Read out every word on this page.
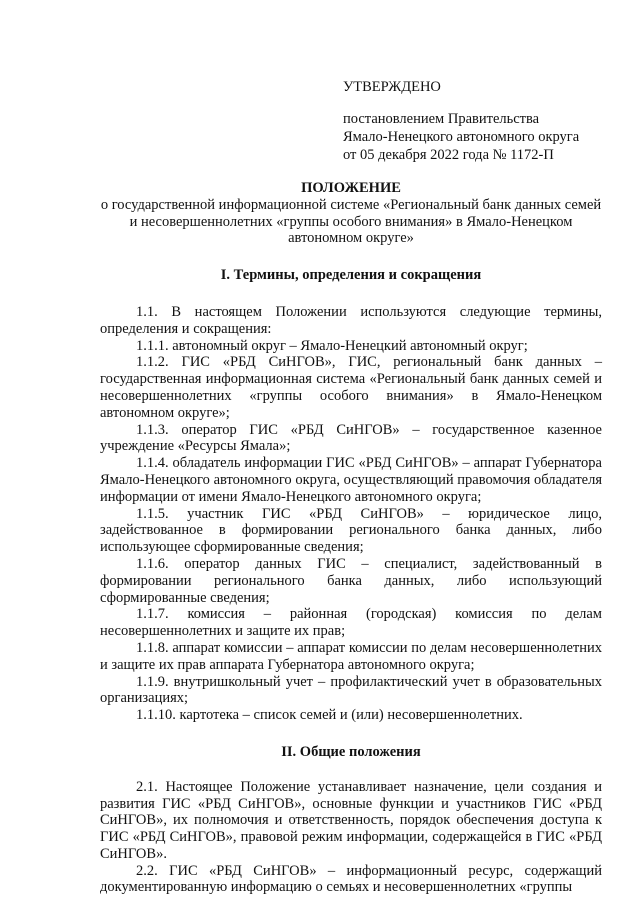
УТВЕРЖДЕНО
постановлением Правительства
Ямало-Ненецкого автономного округа
от 05 декабря 2022 года № 1172-П

ПОЛОЖЕНИЕ

о государственной информационной системе «Региональный банк данных семей и несовершеннолетних «группы особого внимания» в Ямало-Ненецком автономном округе»

I. Термины, определения и сокращения

1.1. В настоящем Положении используются следующие термины, определения и сокращения:

1.1.1. автономный округ – Ямало-Ненецкий автономный округ;

1.1.2. ГИС «РБД СиНГОВ», ГИС, региональный банк данных – государственная информационная система «Региональный банк данных семей и несовершеннолетних «группы особого внимания» в Ямало-Ненецком автономном округе»;

1.1.3. оператор ГИС «РБД СиНГОВ» – государственное казенное учреждение «Ресурсы Ямала»;

1.1.4. обладатель информации ГИС «РБД СиНГОВ» – аппарат Губернатора Ямало-Ненецкого автономного округа, осуществляющий правомочия обладателя информации от имени Ямало-Ненецкого автономного округа;

1.1.5. участник ГИС «РБД СиНГОВ» – юридическое лицо, задействованное в формировании регионального банка данных, либо использующее сформированные сведения;

1.1.6. оператор данных ГИС – специалист, задействованный в формировании регионального банка данных, либо использующий сформированные сведения;

1.1.7. комиссия – районная (городская) комиссия по делам несовершеннолетних и защите их прав;

1.1.8. аппарат комиссии – аппарат комиссии по делам несовершеннолетних и защите их прав аппарата Губернатора автономного округа;

1.1.9. внутришкольный учет – профилактический учет в образовательных организациях;

1.1.10. картотека – список семей и (или) несовершеннолетних.

II. Общие положения

2.1. Настоящее Положение устанавливает назначение, цели создания и развития ГИС «РБД СиНГОВ», основные функции и участников ГИС «РБД СиНГОВ», их полномочия и ответственность, порядок обеспечения доступа к ГИС «РБД СиНГОВ», правовой режим информации, содержащейся в ГИС «РБД СиНГОВ».

2.2. ГИС «РБД СиНГОВ» – информационный ресурс, содержащий документированную информацию о семьях и несовершеннолетних «группы
